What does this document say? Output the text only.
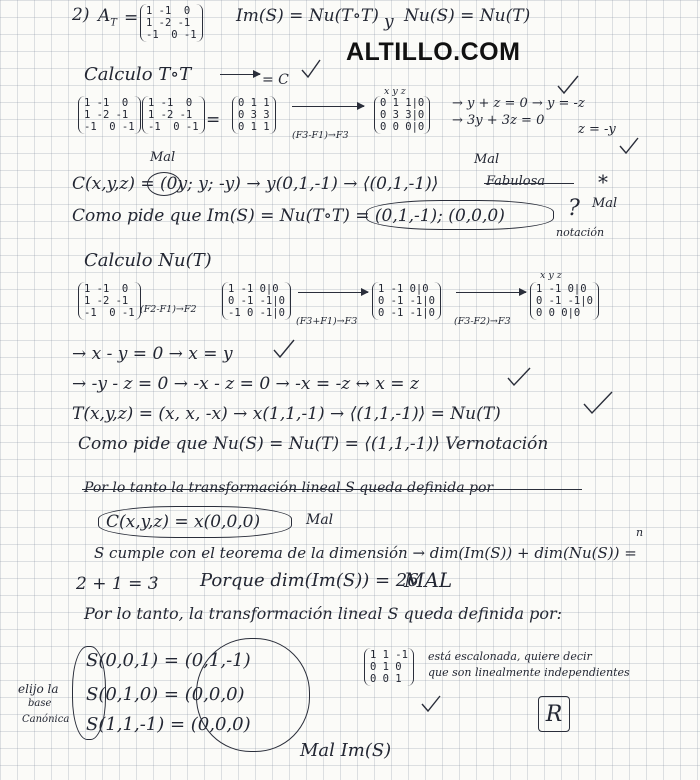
ALTILLO.COM
2) $A_T = 1$ -1  0
1 -2 -1
-1  0 -1
Im(S) = Nu(T∘T) y Nu(S) = Nu(T)
Calculo T∘T	= C
1 -1  0
1 -2 -1
-1  0 -1
1 -1  0
1 -2 -1
-1  0 -1 =
0 1 1
0 3 3
0 1 1
(F3-F1)→F3
x y z
0 1 1|0
0 3 3|0
0 0 0|0
→ y + z = 0 → y = -z
→ 3y + 3z = 0
z = -y
Mal
C(x,y,z) = (0y; y; -y) → y(0,1,-1) → ⟨(0,1,-1)⟩	Fabulosa	*
Mal
Como pide que Im(S) = Nu(T∘T) = (0,1,-1); (0,0,0)	? Mal
notación
Calculo Nu(T)
1 -1  0
1 -2 -1
-1  0 -1 (F2-F1)→F2
1 -1 0|0
0 -1 -1|0
-1 0 -1|0
(F3+F1)→F3
1 -1 0|0
0 -1 -1|0
0 -1 -1|0
(F3-F2)→F3
x y z
1 -1 0|0
0 -1 -1|0
0 0 0|0
→ x - y = 0 → x = y
→ -y - z = 0 → -x - z = 0 → -x = -z ↔ x = z
T(x,y,z) = (x, x, -x) → x(1,1,-1) → ⟨(1,1,-1)⟩ = Nu(T)
Como pide que Nu(S) = Nu(T) = ⟨(1,1,-1)⟩ Vernotación
Por lo tanto la transformación lineal S queda definida por
C(x,y,z) = x(0,0,0)	Mal
S cumple con el teorema de la dimensión → dim(Im(S)) + dim(Nu(S)) =
n
2 + 1 = 3 Porque dim(Im(S)) = 26
MAL
Por lo tanto, la transformación lineal S queda definida por:
S(0,0,1) = (0,1,-1)
S(0,1,0) = (0,0,0)
S(1,1,-1) = (0,0,0)
elijo la
base
Canónica
1 1 -1
0 1 0
0 0 1
está escalonada, quiere decir
que son linealmente independientes
R
Mal Im(S)
